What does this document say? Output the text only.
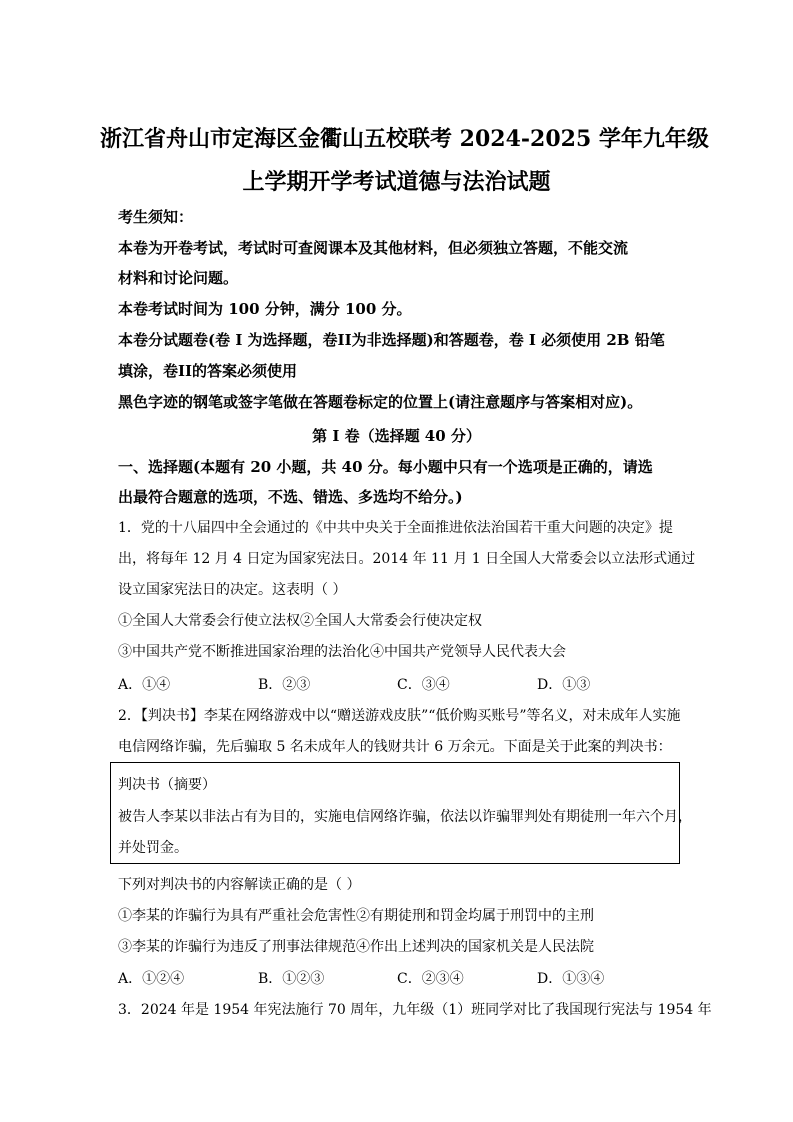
浙江省舟山市定海区金衢山五校联考 2024-2025 学年九年级
上学期开学考试道德与法治试题
考生须知：
本卷为开卷考试，考试时可查阅课本及其他材料，但必须独立答题，不能交流
材料和讨论问题。
本卷考试时间为 100 分钟，满分 100 分。
本卷分试题卷(卷 I 为选择题，卷II为非选择题)和答题卷，卷 I 必须使用 2B 铅笔
填涂，卷II的答案必须使用
黑色字迹的钢笔或签字笔做在答题卷标定的位置上(请注意题序与答案相对应)。
第 I 卷（选择题 40 分）
一、选择题(本题有 20 小题，共 40 分。每小题中只有一个选项是正确的，请选
出最符合题意的选项，不选、错选、多选均不给分。)
1．党的十八届四中全会通过的《中共中央关于全面推进依法治国若干重大问题的决定》提
出，将每年 12 月 4 日定为国家宪法日。2014 年 11 月 1 日全国人大常委会以立法形式通过
设立国家宪法日的决定。这表明（ ）
①全国人大常委会行使立法权②全国人大常委会行使决定权
③中国共产党不断推进国家治理的法治化④中国共产党领导人民代表大会
A．①④	B．②③	C．③④	D．①③
2．【判决书】李某在网络游戏中以“赠送游戏皮肤”“低价购买账号”等名义，对未成年人实施
电信网络诈骗，先后骗取 5 名未成年人的钱财共计 6 万余元。下面是关于此案的判决书：
判决书（摘要）
被告人李某以非法占有为目的，实施电信网络诈骗，依法以诈骗罪判处有期徒刑一年六个月，
并处罚金。
下列对判决书的内容解读正确的是（ ）
①李某的诈骗行为具有严重社会危害性②有期徒刑和罚金均属于刑罚中的主刑
③李某的诈骗行为违反了刑事法律规范④作出上述判决的国家机关是人民法院
A．①②④	B．①②③	C．②③④	D．①③④
3．2024 年是 1954 年宪法施行 70 周年，九年级（1）班同学对比了我国现行宪法与 1954 年
